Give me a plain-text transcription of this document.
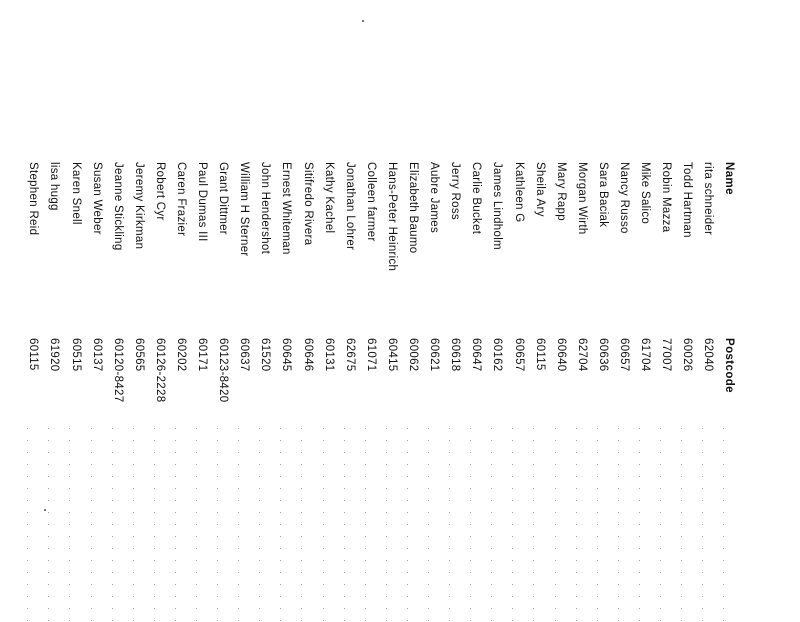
Name
Postcode
rita schneider
62040
Todd Hartman
60026
Robin Mazza
77007
Mike Salico
61704
Nancy Russo
60657
Sara Baciak
60636
Morgan Wirth
62704
Mary Rapp
60640
Sheila Ary
60115
Kathleen G
60657
James Lindholm
60162
Carlie Bucket
60647
Jerry Ross
60618
Aubre James
60621
Elizabeth Baumo
60062
Hans-Peter Heinrich
60415
Colleen farmer
61071
Jonathan Lohrer
62675
Kathy Kachel
60131
Sitifredo Rivera
60646
Ernest Whiteman
60645
John Hendershot
61520
William H Sterner
60637
Grant Dittmer
60123-8420
Paul Dumas III
60171
Caren Frazier
60202
Robert Cyr
60126-2228
Jeremy Kirkman
60565
Jeanne Stickling
60120-8427
Susan Weber
60137
Karen Snell
60515
lisa hugg
61920
Stephen Reid
60115
